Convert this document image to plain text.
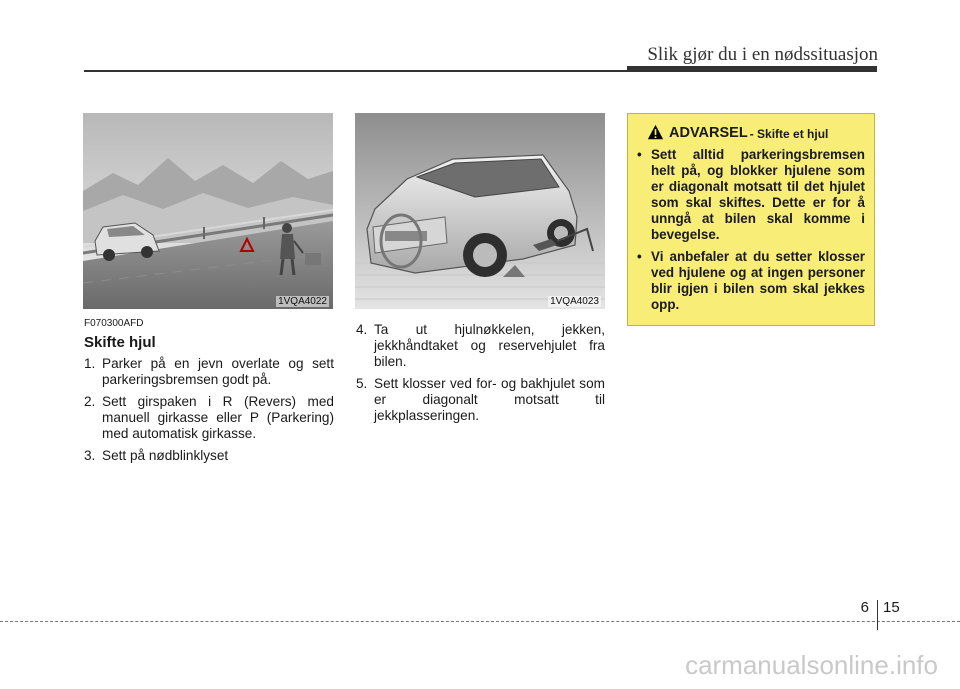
Slik gjør du i en nødssituasjon
1VQA4022	1VQA4023
F070300AFD
Skifte hjul
1. Parker på en jevn overlate og sett parkeringsbremsen godt på.
2. Sett girspaken i R (Revers) med manuell girkasse eller P (Parkering) med automatisk girkasse.
3. Sett på nødblinklyset
4. Ta ut hjulnøkkelen, jekken, jekkhåndtaket og reservehjulet fra bilen.
5. Sett klosser ved for- og bakhjulet som er diagonalt motsatt til jekkplasseringen.
ADVARSEL - Skifte et hjul
• Sett alltid parkeringsbremsen helt på, og blokker hjulene som er diagonalt motsatt til det hjulet som skal skiftes. Dette er for å unngå at bilen skal komme i bevegelse.
• Vi anbefaler at du setter klosser ved hjulene og at ingen personer blir igjen i bilen som skal jekkes opp.
6 15
carmanualsonline.info
